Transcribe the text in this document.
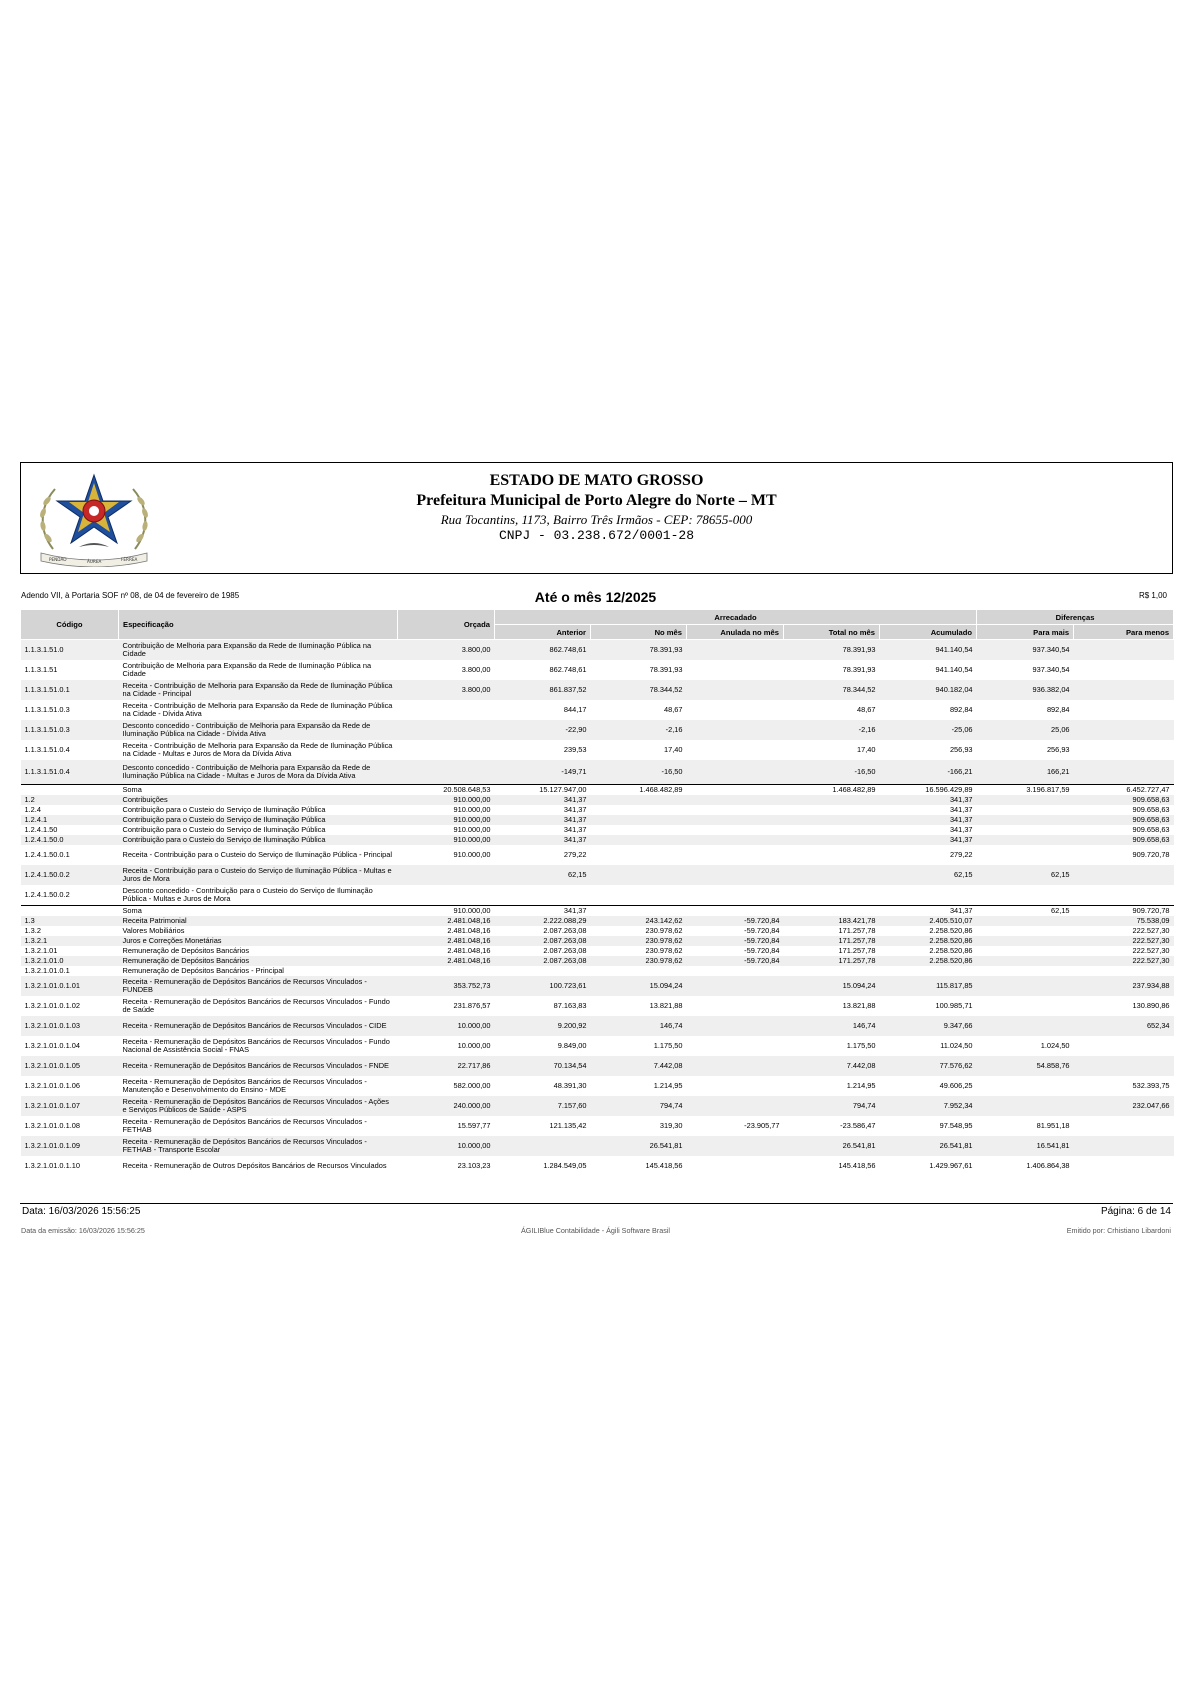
PENDÃO	ÁUREA	FÉRREA
ESTADO DE MATO GROSSO
Prefeitura Municipal de Porto Alegre do Norte – MT
Rua Tocantins, 1173, Bairro Três Irmãos - CEP: 78655-000
CNPJ - 03.238.672/0001-28
Adendo VII, à Portaria SOF nº 08, de 04 de fevereiro de 1985	Até o mês 12/2025	R$ 1,00
Código	Especificação	Orçada	Arrecadado					Diferenças	
			Anterior	No mês	Anulada no mês	Total no mês	Acumulado	Para mais	Para menos
1.1.3.1.51.0	Contribuição de Melhoria para Expansão da Rede de Iluminação Pública na Cidade	3.800,00	862.748,61	78.391,93		78.391,93	941.140,54	937.340,54	
1.1.3.1.51	Contribuição de Melhoria para Expansão da Rede de Iluminação Pública na Cidade	3.800,00	862.748,61	78.391,93		78.391,93	941.140,54	937.340,54	
1.1.3.1.51.0.1	Receita - Contribuição de Melhoria para Expansão da Rede de Iluminação Pública na Cidade - Principal	3.800,00	861.837,52	78.344,52		78.344,52	940.182,04	936.382,04	
1.1.3.1.51.0.3	Receita - Contribuição de Melhoria para Expansão da Rede de Iluminação Pública na Cidade - Dívida Ativa		844,17	48,67		48,67	892,84	892,84	
1.1.3.1.51.0.3	Desconto concedido - Contribuição de Melhoria para Expansão da Rede de Iluminação Pública na Cidade - Dívida Ativa		-22,90	-2,16		-2,16	-25,06	25,06	
1.1.3.1.51.0.4	Receita - Contribuição de Melhoria para Expansão da Rede de Iluminação Pública na Cidade - Multas e Juros de Mora da Dívida Ativa		239,53	17,40		17,40	256,93	256,93	
1.1.3.1.51.0.4	Desconto concedido - Contribuição de Melhoria para Expansão da Rede de Iluminação Pública na Cidade - Multas e Juros de Mora da Dívida Ativa		-149,71	-16,50		-16,50	-166,21	166,21	
	Soma	20.508.648,53	15.127.947,00	1.468.482,89		1.468.482,89	16.596.429,89	3.196.817,59	6.452.727,47
1.2	Contribuições	910.000,00	341,37				341,37		909.658,63
1.2.4	Contribuição para o Custeio do Serviço de Iluminação Pública	910.000,00	341,37				341,37		909.658,63
1.2.4.1	Contribuição para o Custeio do Serviço de Iluminação Pública	910.000,00	341,37				341,37		909.658,63
1.2.4.1.50	Contribuição para o Custeio do Serviço de Iluminação Pública	910.000,00	341,37				341,37		909.658,63
1.2.4.1.50.0	Contribuição para o Custeio do Serviço de Iluminação Pública	910.000,00	341,37				341,37		909.658,63
1.2.4.1.50.0.1	Receita - Contribuição para o Custeio do Serviço de Iluminação Pública - Principal	910.000,00	279,22				279,22		909.720,78
1.2.4.1.50.0.2	Receita - Contribuição para o Custeio do Serviço de Iluminação Pública - Multas e Juros de Mora		62,15				62,15	62,15	
1.2.4.1.50.0.2	Desconto concedido - Contribuição para o Custeio do Serviço de Iluminação Pública - Multas e Juros de Mora								
	Soma	910.000,00	341,37				341,37	62,15	909.720,78
1.3	Receita Patrimonial	2.481.048,16	2.222.088,29	243.142,62	-59.720,84	183.421,78	2.405.510,07		75.538,09
1.3.2	Valores Mobiliários	2.481.048,16	2.087.263,08	230.978,62	-59.720,84	171.257,78	2.258.520,86		222.527,30
1.3.2.1	Juros e Correções Monetárias	2.481.048,16	2.087.263,08	230.978,62	-59.720,84	171.257,78	2.258.520,86		222.527,30
1.3.2.1.01	Remuneração de Depósitos Bancários	2.481.048,16	2.087.263,08	230.978,62	-59.720,84	171.257,78	2.258.520,86		222.527,30
1.3.2.1.01.0	Remuneração de Depósitos Bancários	2.481.048,16	2.087.263,08	230.978,62	-59.720,84	171.257,78	2.258.520,86		222.527,30
1.3.2.1.01.0.1	Remuneração de Depósitos Bancários - Principal								
1.3.2.1.01.0.1.01	Receita - Remuneração de Depósitos Bancários de Recursos Vinculados - FUNDEB	353.752,73	100.723,61	15.094,24		15.094,24	115.817,85		237.934,88
1.3.2.1.01.0.1.02	Receita - Remuneração de Depósitos Bancários de Recursos Vinculados - Fundo de Saúde	231.876,57	87.163,83	13.821,88		13.821,88	100.985,71		130.890,86
1.3.2.1.01.0.1.03	Receita - Remuneração de Depósitos Bancários de Recursos Vinculados - CIDE	10.000,00	9.200,92	146,74		146,74	9.347,66		652,34
1.3.2.1.01.0.1.04	Receita - Remuneração de Depósitos Bancários de Recursos Vinculados - Fundo Nacional de Assistência Social - FNAS	10.000,00	9.849,00	1.175,50		1.175,50	11.024,50	1.024,50	
1.3.2.1.01.0.1.05	Receita - Remuneração de Depósitos Bancários de Recursos Vinculados - FNDE	22.717,86	70.134,54	7.442,08		7.442,08	77.576,62	54.858,76	
1.3.2.1.01.0.1.06	Receita - Remuneração de Depósitos Bancários de Recursos Vinculados - Manutenção e Desenvolvimento do Ensino - MDE	582.000,00	48.391,30	1.214,95		1.214,95	49.606,25		532.393,75
1.3.2.1.01.0.1.07	Receita - Remuneração de Depósitos Bancários de Recursos Vinculados - Ações e Serviços Públicos de Saúde - ASPS	240.000,00	7.157,60	794,74		794,74	7.952,34		232.047,66
1.3.2.1.01.0.1.08	Receita - Remuneração de Depósitos Bancários de Recursos Vinculados - FETHAB	15.597,77	121.135,42	319,30	-23.905,77	-23.586,47	97.548,95	81.951,18	
1.3.2.1.01.0.1.09	Receita - Remuneração de Depósitos Bancários de Recursos Vinculados - FETHAB - Transporte Escolar	10.000,00		26.541,81		26.541,81	26.541,81	16.541,81	
1.3.2.1.01.0.1.10	Receita - Remuneração de Outros Depósitos Bancários de Recursos Vinculados	23.103,23	1.284.549,05	145.418,56		145.418,56	1.429.967,61	1.406.864,38	
Data: 16/03/2026 15:56:25	Página: 6 de 14
Data da emissão: 16/03/2026 15:56:25	ÁGILIBlue Contabilidade - Ágili Software Brasil	Emitido por: Crhistiano Libardoni
